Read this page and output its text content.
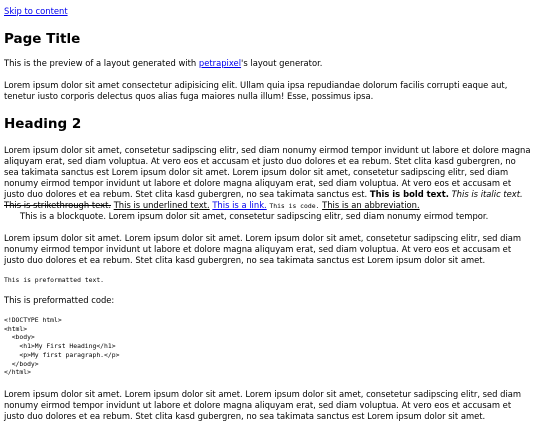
Skip to content
Page Title

This is the preview of a layout generated with petrapixel's layout generator.

Lorem ipsum dolor sit amet consectetur adipisicing elit. Ullam quia ipsa repudiandae dolorum facilis corrupti eaque aut, tenetur iusto corporis delectus quos alias fuga maiores nulla illum! Esse, possimus ipsa.

Heading 2

Lorem ipsum dolor sit amet, consetetur sadipscing elitr, sed diam nonumy eirmod tempor invidunt ut labore et dolore magna aliquyam erat, sed diam voluptua. At vero eos et accusam et justo duo dolores et ea rebum. Stet clita kasd gubergren, no sea takimata sanctus est Lorem ipsum dolor sit amet. Lorem ipsum dolor sit amet, consetetur sadipscing elitr, sed diam nonumy eirmod tempor invidunt ut labore et dolore magna aliquyam erat, sed diam voluptua. At vero eos et accusam et justo duo dolores et ea rebum. Stet clita kasd gubergren, no sea takimata sanctus est. This is bold text. This is italic text. This is strikethrough text. This is underlined text. This is a link. This is code. This is an abbreviation.

This is a blockquote. Lorem ipsum dolor sit amet, consetetur sadipscing elitr, sed diam nonumy eirmod tempor.

Lorem ipsum dolor sit amet. Lorem ipsum dolor sit amet. Lorem ipsum dolor sit amet, consetetur sadipscing elitr, sed diam nonumy eirmod tempor invidunt ut labore et dolore magna aliquyam erat, sed diam voluptua. At vero eos et accusam et justo duo dolores et ea rebum. Stet clita kasd gubergren, no sea takimata sanctus est Lorem ipsum dolor sit amet.

This is preformatted text.

This is preformatted code:

<!DOCTYPE html>
<html>
<body>
<h1>My First Heading</h1>
<p>My first paragraph.</p>
</body>
</html>

Lorem ipsum dolor sit amet. Lorem ipsum dolor sit amet. Lorem ipsum dolor sit amet, consetetur sadipscing elitr, sed diam nonumy eirmod tempor invidunt ut labore et dolore magna aliquyam erat, sed diam voluptua. At vero eos et accusam et justo duo dolores et ea rebum. Stet clita kasd gubergren, no sea takimata sanctus est Lorem ipsum dolor sit amet.
